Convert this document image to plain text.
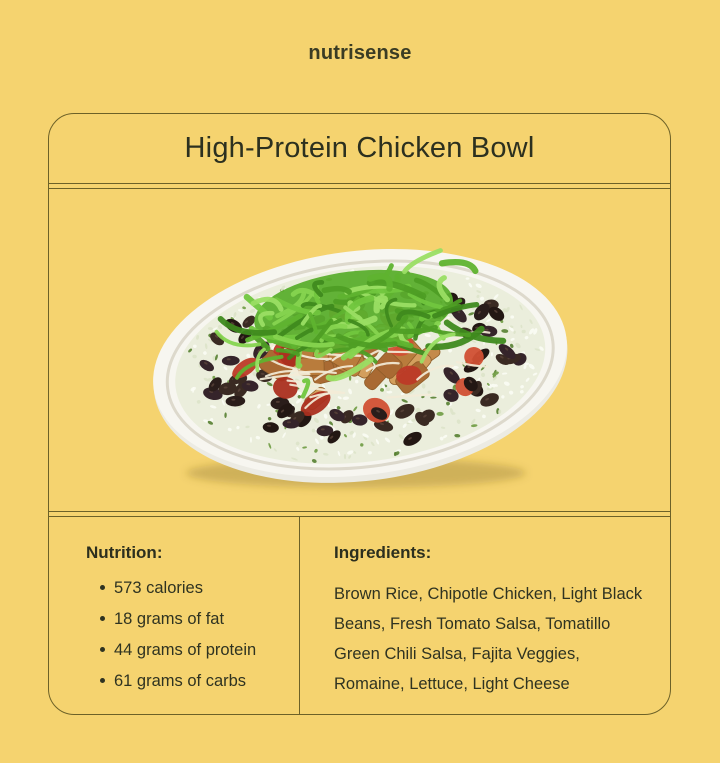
nutrisense
High-Protein Chicken Bowl
Nutrition:
573 calories
18 grams of fat
44 grams of protein
61 grams of carbs
Ingredients:
Brown Rice, Chipotle Chicken, Light Black Beans, Fresh Tomato Salsa, Tomatillo Green Chili Salsa, Fajita Veggies, Romaine, Lettuce, Light Cheese
